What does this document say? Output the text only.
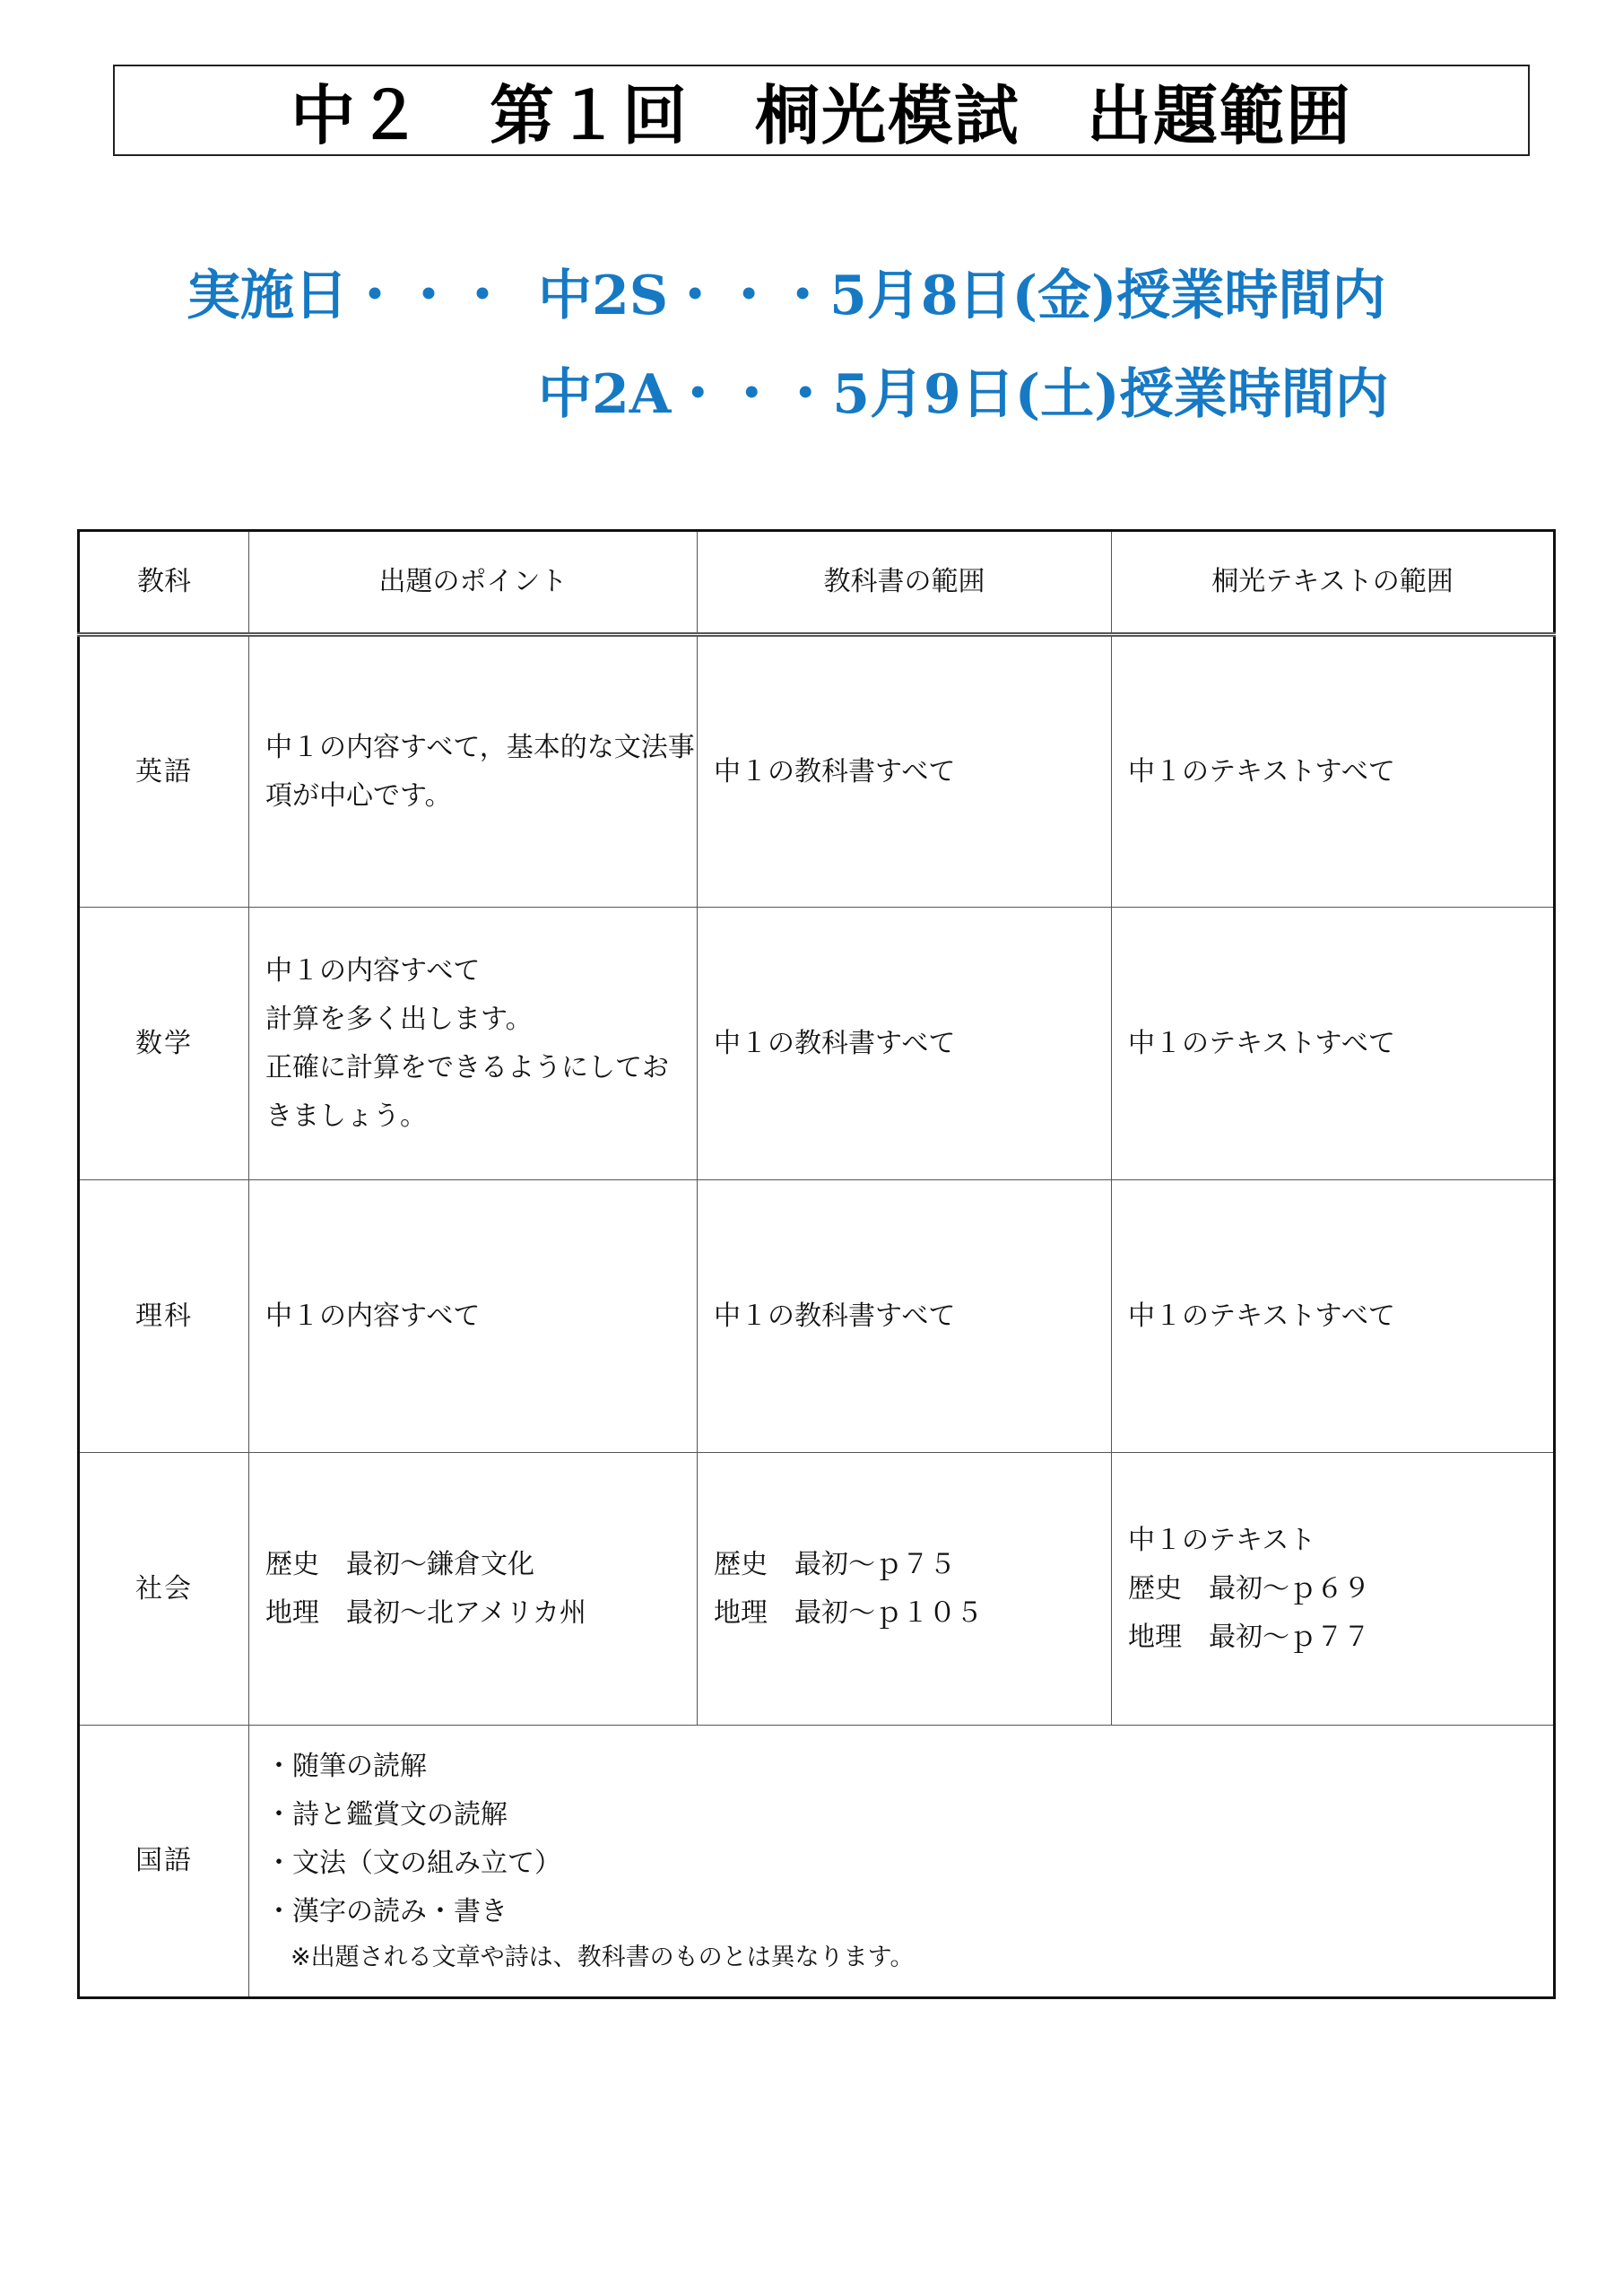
中２　第１回　桐光模試　出題範囲
実施日・・・ 中2S・・・5月8日(金)授業時間内
中2A・・・5月9日(土)授業時間内
教科	出題のポイント	教科書の範囲	桐光テキストの範囲
英語	中１の内容すべて，基本的な文法事
項が中心です。	中１の教科書すべて	中１のテキストすべて

数学	中１の内容すべて
計算を多く出します。
正確に計算をできるようにしてお
きましょう。	中１の教科書すべて	中１のテキストすべて

理科	中１の内容すべて	中１の教科書すべて	中１のテキストすべて

社会	歴史　最初～鎌倉文化
地理　最初～北アメリカ州	歴史　最初～ｐ７５
地理　最初～ｐ１０５	中１のテキスト
歴史　最初～ｐ６９
地理　最初～ｐ７７

国語	・随筆の読解
・詩と鑑賞文の読解
・文法（文の組み立て）
・漢字の読み・書き
※出題される文章や詩は、教科書のものとは異なります。		
